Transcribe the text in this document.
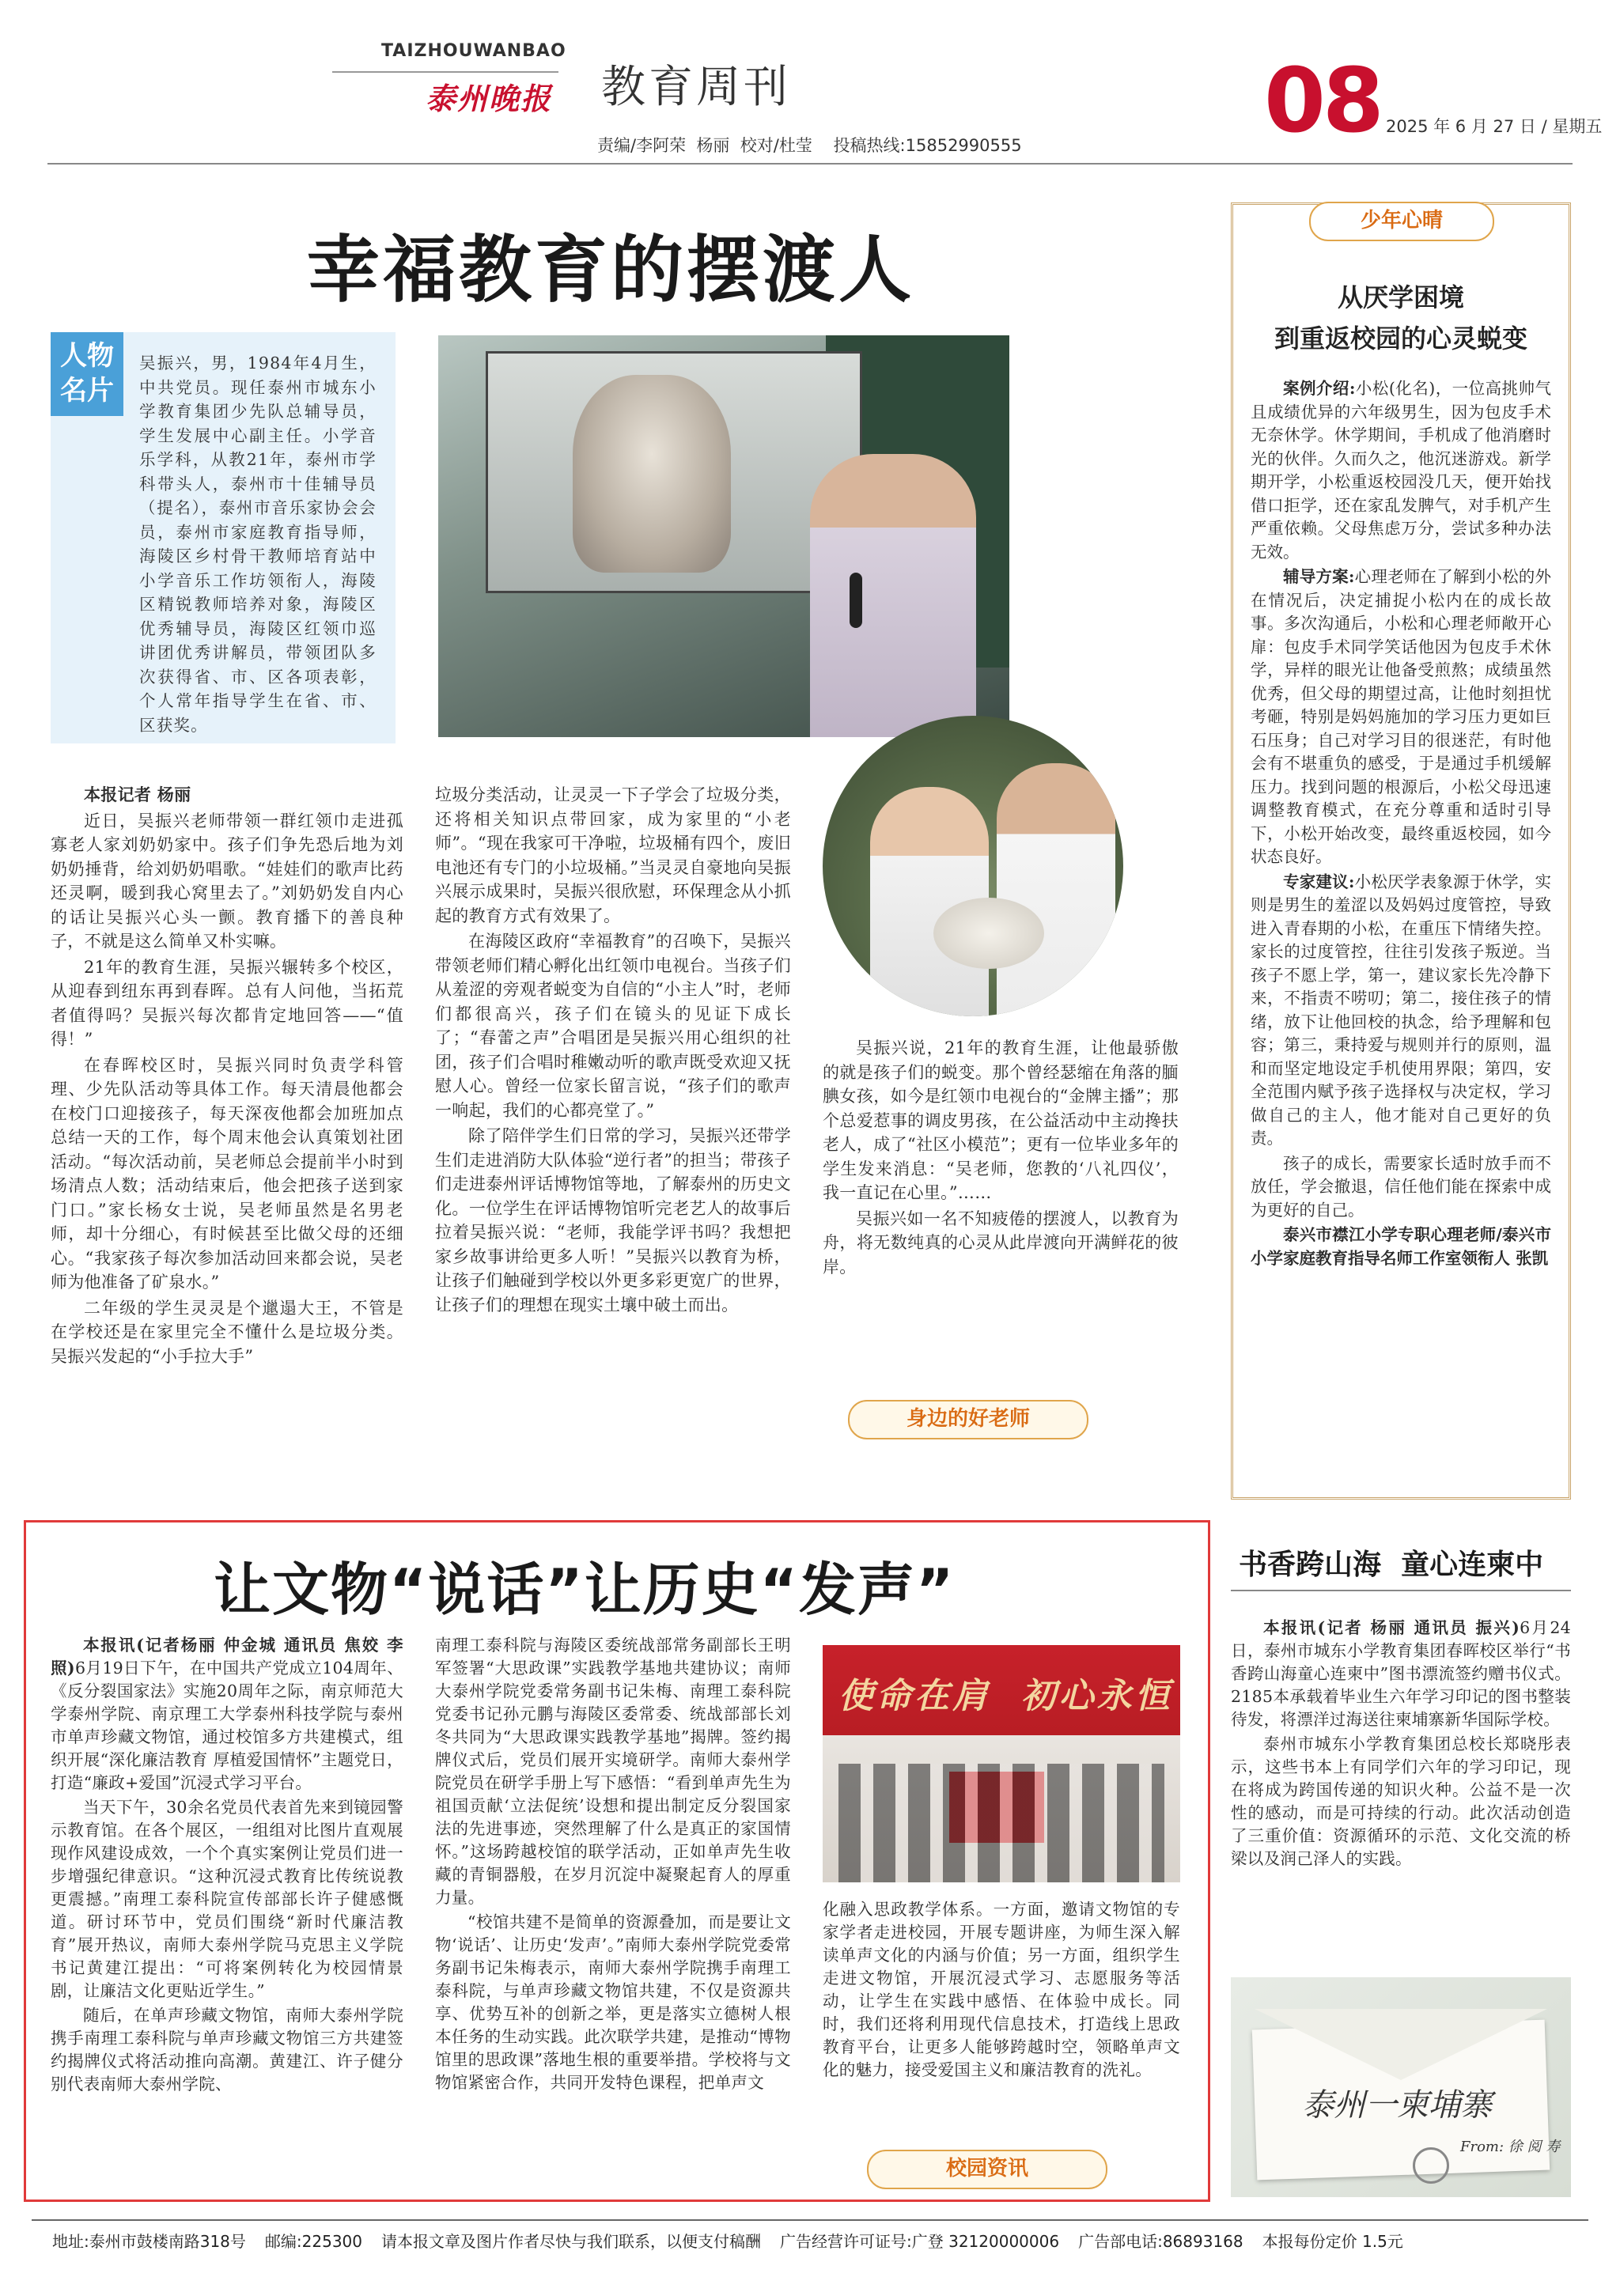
TAIZHOUWANBAO
泰州晚报 教育周刊
责编/李阿荣  杨丽  校对/杜莹    投稿热线:15852990555	08 2025 年 6 月 27 日 / 星期五
幸福教育的摆渡人
人物名片
吴振兴，男，1984年4月生，中共党员。现任泰州市城东小学教育集团少先队总辅导员，学生发展中心副主任。小学音乐学科，从教21年，泰州市学科带头人，泰州市十佳辅导员（提名），泰州市音乐家协会会员，泰州市家庭教育指导师，海陵区乡村骨干教师培育站中小学音乐工作坊领衔人，海陵区精锐教师培养对象，海陵区优秀辅导员，海陵区红领巾巡讲团优秀讲解员，带领团队多次获得省、市、区各项表彰，个人常年指导学生在省、市、区获奖。

本报记者 杨丽

近日，吴振兴老师带领一群红领巾走进孤寡老人家刘奶奶家中。孩子们争先恐后地为刘奶奶捶背，给刘奶奶唱歌。“娃娃们的歌声比药还灵啊，暖到我心窝里去了。”刘奶奶发自内心的话让吴振兴心头一颤。教育播下的善良种子，不就是这么简单又朴实嘛。

21年的教育生涯，吴振兴辗转多个校区，从迎春到纽东再到春晖。总有人问他，当拓荒者值得吗？吴振兴每次都肯定地回答——“值得！”

在春晖校区时，吴振兴同时负责学科管理、少先队活动等具体工作。每天清晨他都会在校门口迎接孩子，每天深夜他都会加班加点总结一天的工作，每个周末他会认真策划社团活动。“每次活动前，吴老师总会提前半小时到场清点人数；活动结束后，他会把孩子送到家门口。”家长杨女士说，吴老师虽然是名男老师，却十分细心，有时候甚至比做父母的还细心。“我家孩子每次参加活动回来都会说，吴老师为他准备了矿泉水。”

二年级的学生灵灵是个邋遢大王，不管是在学校还是在家里完全不懂什么是垃圾分类。吴振兴发起的“小手拉大手”

垃圾分类活动，让灵灵一下子学会了垃圾分类，还将相关知识点带回家，成为家里的“小老师”。“现在我家可干净啦，垃圾桶有四个，废旧电池还有专门的小垃圾桶。”当灵灵自豪地向吴振兴展示成果时，吴振兴很欣慰，环保理念从小抓起的教育方式有效果了。

在海陵区政府“幸福教育”的召唤下，吴振兴带领老师们精心孵化出红领巾电视台。当孩子们从羞涩的旁观者蜕变为自信的“小主人”时，老师们都很高兴，孩子们在镜头的见证下成长了；“春蕾之声”合唱团是吴振兴用心组织的社团，孩子们合唱时稚嫩动听的歌声既受欢迎又抚慰人心。曾经一位家长留言说，“孩子们的歌声一响起，我们的心都亮堂了。”

除了陪伴学生们日常的学习，吴振兴还带学生们走进消防大队体验“逆行者”的担当；带孩子们走进泰州评话博物馆等地，了解泰州的历史文化。一位学生在评话博物馆听完老艺人的故事后拉着吴振兴说：“老师，我能学评书吗？我想把家乡故事讲给更多人听！”吴振兴以教育为桥，让孩子们触碰到学校以外更多彩更宽广的世界，让孩子们的理想在现实土壤中破土而出。

吴振兴说，21年的教育生涯，让他最骄傲的就是孩子们的蜕变。那个曾经瑟缩在角落的腼腆女孩，如今是红领巾电视台的“金牌主播”；那个总爱惹事的调皮男孩，在公益活动中主动搀扶老人，成了“社区小模范”；更有一位毕业多年的学生发来消息：“吴老师，您教的‘八礼四仪’，我一直记在心里。”……

吴振兴如一名不知疲倦的摆渡人，以教育为舟，将无数纯真的心灵从此岸渡向开满鲜花的彼岸。

身边的好老师
少年心晴
从厌学困境
到重返校园的心灵蜕变

案例介绍:小松(化名)，一位高挑帅气且成绩优异的六年级男生，因为包皮手术无奈休学。休学期间，手机成了他消磨时光的伙伴。久而久之，他沉迷游戏。新学期开学，小松重返校园没几天，便开始找借口拒学，还在家乱发脾气，对手机产生严重依赖。父母焦虑万分，尝试多种办法无效。

辅导方案:心理老师在了解到小松的外在情况后，决定捕捉小松内在的成长故事。多次沟通后，小松和心理老师敞开心扉：包皮手术同学笑话他因为包皮手术休学，异样的眼光让他备受煎熬；成绩虽然优秀，但父母的期望过高，让他时刻担忧考砸，特别是妈妈施加的学习压力更如巨石压身；自己对学习目的很迷茫，有时他会有不堪重负的感受，于是通过手机缓解压力。找到问题的根源后，小松父母迅速调整教育模式，在充分尊重和适时引导下，小松开始改变，最终重返校园，如今状态良好。

专家建议:小松厌学表象源于休学，实则是男生的羞涩以及妈妈过度管控，导致进入青春期的小松，在重压下情绪失控。家长的过度管控，往往引发孩子叛逆。当孩子不愿上学，第一，建议家长先冷静下来，不指责不唠叨；第二，接住孩子的情绪，放下让他回校的执念，给予理解和包容；第三，秉持爱与规则并行的原则，温和而坚定地设定手机使用界限；第四，安全范围内赋予孩子选择权与决定权，学习做自己的主人，他才能对自己更好的负责。

孩子的成长，需要家长适时放手而不放任，学会撤退，信任他们能在探索中成为更好的自己。

泰兴市襟江小学专职心理老师/泰兴市小学家庭教育指导名师工作室领衔人 张凯

让文物“说话”让历史“发声”

本报讯(记者杨丽 仲金城 通讯员 焦姣 李照)6月19日下午，在中国共产党成立104周年、《反分裂国家法》实施20周年之际，南京师范大学泰州学院、南京理工大学泰州科技学院与泰州市单声珍藏文物馆，通过校馆多方共建模式，组织开展“深化廉洁教育 厚植爱国情怀”主题党日，打造“廉政+爱国”沉浸式学习平台。

当天下午，30余名党员代表首先来到镜园警示教育馆。在各个展区，一组组对比图片直观展现作风建设成效，一个个真实案例让党员们进一步增强纪律意识。“这种沉浸式教育比传统说教更震撼。”南理工泰科院宣传部部长许子健感慨道。研讨环节中，党员们围绕“新时代廉洁教育”展开热议，南师大泰州学院马克思主义学院书记黄建江提出：“可将案例转化为校园情景剧，让廉洁文化更贴近学生。”

随后，在单声珍藏文物馆，南师大泰州学院携手南理工泰科院与单声珍藏文物馆三方共建签约揭牌仪式将活动推向高潮。黄建江、许子健分别代表南师大泰州学院、

南理工泰科院与海陵区委统战部常务副部长王明军签署“大思政课”实践教学基地共建协议；南师大泰州学院党委常务副书记朱梅、南理工泰科院党委书记孙元鹏与海陵区委常委、统战部部长刘冬共同为“大思政课实践教学基地”揭牌。签约揭牌仪式后，党员们展开实境研学。南师大泰州学院党员在研学手册上写下感悟：“看到单声先生为祖国贡献‘立法促统’设想和提出制定反分裂国家法的先进事迹，突然理解了什么是真正的家国情怀。”这场跨越校馆的联学活动，正如单声先生收藏的青铜器般，在岁月沉淀中凝聚起育人的厚重力量。

“校馆共建不是简单的资源叠加，而是要让文物‘说话’、让历史‘发声’。”南师大泰州学院党委常务副书记朱梅表示，南师大泰州学院携手南理工泰科院，与单声珍藏文物馆共建，不仅是资源共享、优势互补的创新之举，更是落实立德树人根本任务的生动实践。此次联学共建，是推动“博物馆里的思政课”落地生根的重要举措。学校将与文物馆紧密合作，共同开发特色课程，把单声文

使命在肩  初心永恒

化融入思政教学体系。一方面，邀请文物馆的专家学者走进校园，开展专题讲座，为师生深入解读单声文化的内涵与价值；另一方面，组织学生走进文物馆，开展沉浸式学习、志愿服务等活动，让学生在实践中感悟、在体验中成长。同时，我们还将利用现代信息技术，打造线上思政教育平台，让更多人能够跨越时空，领略单声文化的魅力，接受爱国主义和廉洁教育的洗礼。

校园资讯
书香跨山海  童心连柬中

本报讯(记者 杨丽 通讯员 振兴)6月24日，泰州市城东小学教育集团春晖校区举行“书香跨山海童心连柬中”图书漂流签约赠书仪式。2185本承载着毕业生六年学习印记的图书整装待发，将漂洋过海送往柬埔寨新华国际学校。

泰州市城东小学教育集团总校长郑晓彤表示，这些书本上有同学们六年的学习印记，现在将成为跨国传递的知识火种。公益不是一次性的感动，而是可持续的行动。此次活动创造了三重价值：资源循环的示范、文化交流的桥梁以及润己泽人的实践。

泰州一柬埔寨
From: 徐 阅 寿
地址:泰州市鼓楼南路318号 邮编:225300 请本报文章及图片作者尽快与我们联系，以便支付稿酬 广告经营许可证号:广登 32120000006 广告部电话:86893168 本报每份定价 1.5元
